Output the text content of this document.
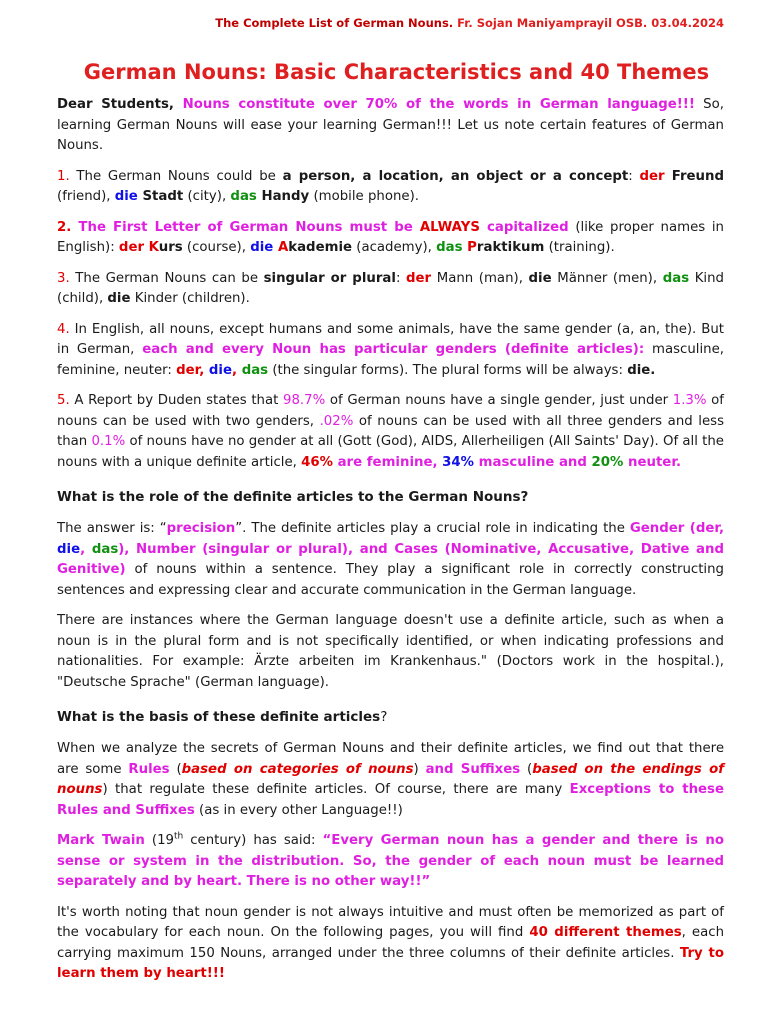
The Complete List of German Nouns. Fr. Sojan Maniyamprayil OSB. 03.04.2024
German Nouns: Basic Characteristics and 40 Themes

Dear Students, Nouns constitute over 70% of the words in German language!!! So, learning German Nouns will ease your learning German!!! Let us note certain features of German Nouns.

1. The German Nouns could be a person, a location, an object or a concept: der Freund (friend), die Stadt (city), das Handy (mobile phone).

2. The First Letter of German Nouns must be ALWAYS capitalized (like proper names in English): der Kurs (course), die Akademie (academy), das Praktikum (training).

3. The German Nouns can be singular or plural: der Mann (man), die Männer (men), das Kind (child), die Kinder (children).

4. In English, all nouns, except humans and some animals, have the same gender (a, an, the). But in German, each and every Noun has particular genders (definite articles): masculine, feminine, neuter: der, die, das (the singular forms). The plural forms will be always: die.

5. A Report by Duden states that 98.7% of German nouns have a single gender, just under 1.3% of nouns can be used with two genders, .02% of nouns can be used with all three genders and less than 0.1% of nouns have no gender at all (Gott (God), AIDS, Allerheiligen (All Saints' Day). Of all the nouns with a unique definite article, 46% are feminine, 34% masculine and 20% neuter.

What is the role of the definite articles to the German Nouns?

The answer is: “precision”. The definite articles play a crucial role in indicating the Gender (der, die, das), Number (singular or plural), and Cases (Nominative, Accusative, Dative and Genitive) of nouns within a sentence. They play a significant role in correctly constructing sentences and expressing clear and accurate communication in the German language.

There are instances where the German language doesn't use a definite article, such as when a noun is in the plural form and is not specifically identified, or when indicating professions and nationalities. For example: Ärzte arbeiten im Krankenhaus." (Doctors work in the hospital.), "Deutsche Sprache" (German language).

What is the basis of these definite articles?

When we analyze the secrets of German Nouns and their definite articles, we find out that there are some Rules (based on categories of nouns) and Suffixes (based on the endings of nouns) that regulate these definite articles. Of course, there are many Exceptions to these Rules and Suffixes (as in every other Language!!)

Mark Twain (19th century) has said: “Every German noun has a gender and there is no sense or system in the distribution. So, the gender of each noun must be learned separately and by heart. There is no other way!!”

It's worth noting that noun gender is not always intuitive and must often be memorized as part of the vocabulary for each noun. On the following pages, you will find 40 different themes, each carrying maximum 150 Nouns, arranged under the three columns of their definite articles. Try to learn them by heart!!!
